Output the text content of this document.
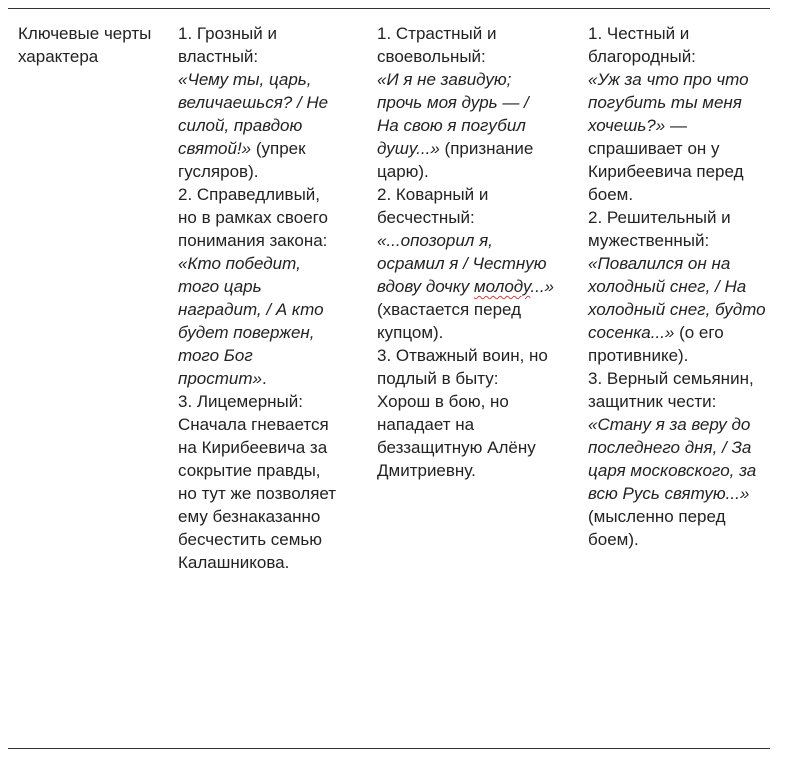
Ключевые черты характера
1. Грозный и властный:
«Чему ты, царь, величаешься? / Не силой, правдою святой!» (упрек гусляров).
2. Справедливый, но в рамках своего понимания закона:
«Кто победит, того царь наградит, / А кто будет повержен, того Бог простит».
3. Лицемерный:
Сначала гневается на Кирибеевича за сокрытие правды, но тут же позволяет ему безнаказанно бесчестить семью Калашникова.
1. Страстный и своевольный:
«И я не завидую; прочь моя дурь — / На свою я погубил душу...» (признание царю).
2. Коварный и бесчестный:
«...опозорил я, осрамил я / Честную вдову дочку молоду...» (хвастается перед купцом).
3. Отважный воин, но подлый в быту:
Хорош в бою, но нападает на беззащитную Алёну Дмитриевну.
1. Честный и благородный:
«Уж за что про что погубить ты меня хочешь?» — спрашивает он у Кирибеевича перед боем.
2. Решительный и мужественный:
«Повалился он на холодный снег, / На холодный снег, будто сосенка...» (о его противнике).
3. Верный семьянин, защитник чести:
«Стану я за веру до последнего дня, / За царя московского, за всю Русь святую...» (мысленно перед боем).
